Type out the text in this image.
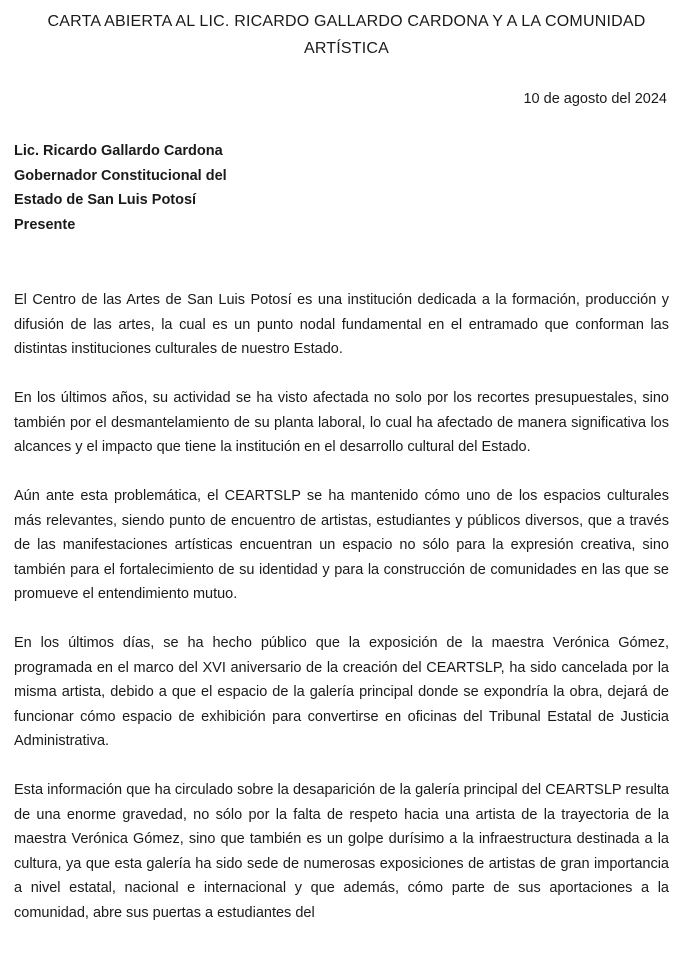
CARTA ABIERTA AL LIC. RICARDO GALLARDO CARDONA Y A LA COMUNIDAD ARTÍSTICA
10 de agosto del 2024
Lic. Ricardo Gallardo Cardona
Gobernador Constitucional del
Estado de San Luis Potosí
Presente

El Centro de las Artes de San Luis Potosí es una institución dedicada a la formación, producción y difusión de las artes, la cual es un punto nodal fundamental en el entramado que conforman las distintas instituciones culturales de nuestro Estado.

En los últimos años, su actividad se ha visto afectada no solo por los recortes presupuestales, sino también por el desmantelamiento de su planta laboral, lo cual ha afectado de manera significativa los alcances y el impacto que tiene la institución en el desarrollo cultural del Estado.

Aún ante esta problemática, el CEARTSLP se ha mantenido cómo uno de los espacios culturales más relevantes, siendo punto de encuentro de artistas, estudiantes y públicos diversos, que a través de las manifestaciones artísticas encuentran un espacio no sólo para la expresión creativa, sino también para el fortalecimiento de su identidad y para la construcción de comunidades en las que se promueve el entendimiento mutuo.

En los últimos días, se ha hecho público que la exposición de la maestra Verónica Gómez, programada en el marco del XVI aniversario de la creación del CEARTSLP, ha sido cancelada por la misma artista, debido a que el espacio de la galería principal donde se expondría la obra, dejará de funcionar cómo espacio de exhibición para convertirse en oficinas del Tribunal Estatal de Justicia Administrativa.

Esta información que ha circulado sobre la desaparición de la galería principal del CEARTSLP resulta de una enorme gravedad, no sólo por la falta de respeto hacia una artista de la trayectoria de la maestra Verónica Gómez, sino que también es un golpe durísimo a la infraestructura destinada a la cultura, ya que esta galería ha sido sede de numerosas exposiciones de artistas de gran importancia a nivel estatal, nacional e internacional y que además, cómo parte de sus aportaciones a la comunidad, abre sus puertas a estudiantes del
